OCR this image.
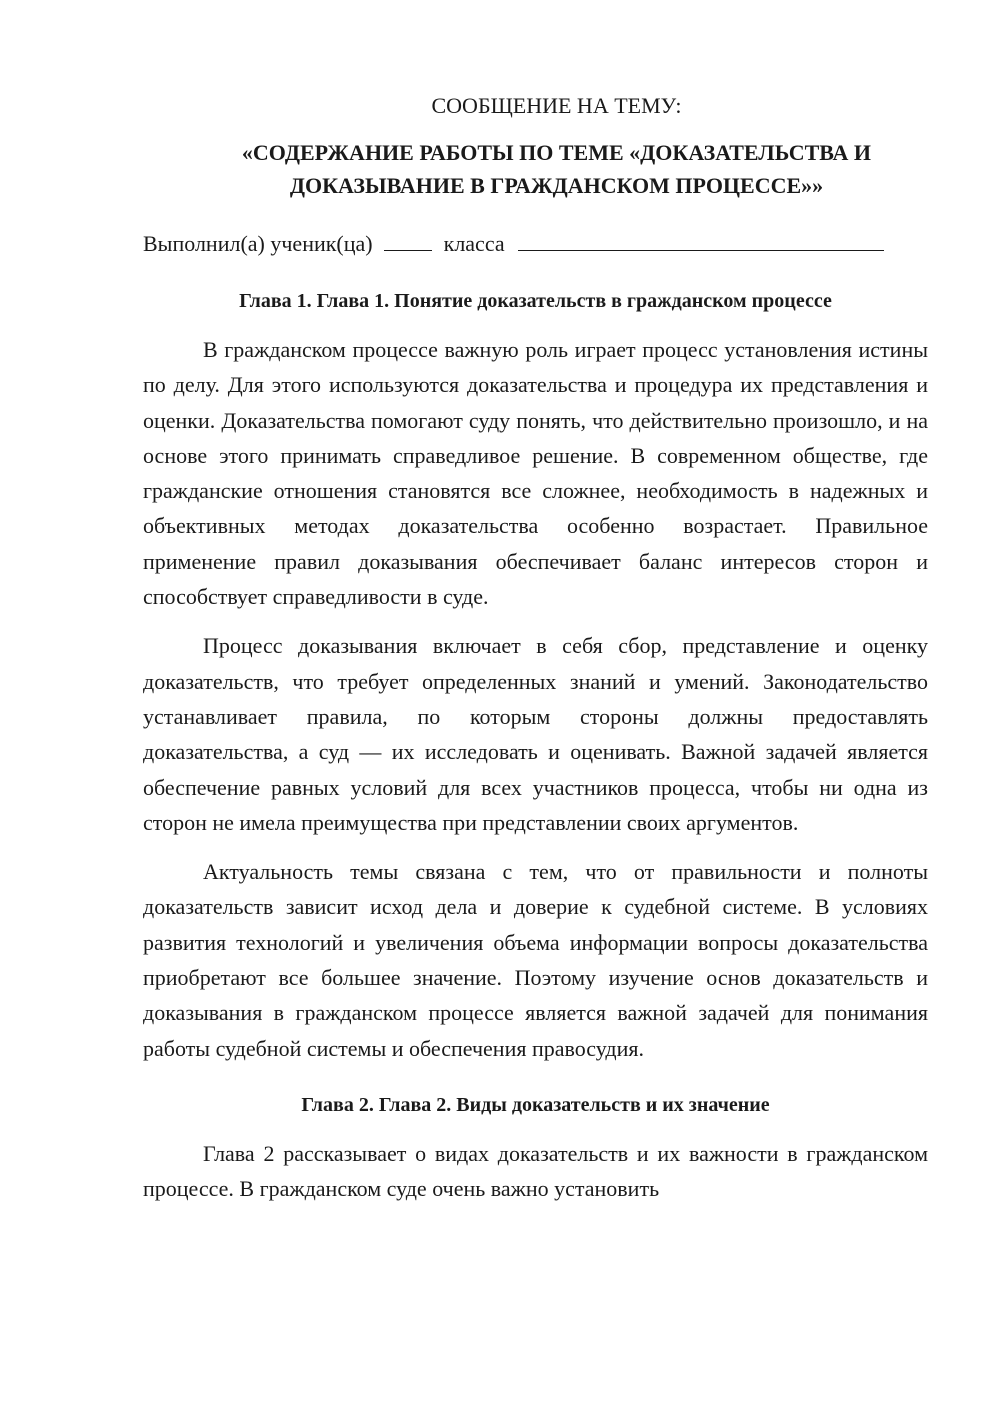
СООБЩЕНИЕ НА ТЕМУ:

«СОДЕРЖАНИЕ РАБОТЫ ПО ТЕМЕ «ДОКАЗАТЕЛЬСТВА И
ДОКАЗЫВАНИЕ В ГРАЖДАНСКОМ ПРОЦЕССЕ»»

Выполнил(а) ученик(ца)	класса

Глава 1. Глава 1. Понятие доказательств в гражданском процессе

В гражданском процессе важную роль играет процесс установления истины по делу. Для этого используются доказательства и процедура их представления и оценки. Доказательства помогают суду понять, что действительно произошло, и на основе этого принимать справедливое решение. В современном обществе, где гражданские отношения становятся все сложнее, необходимость в надежных и объективных методах доказательства особенно возрастает. Правильное применение правил доказывания обеспечивает баланс интересов сторон и способствует справедливости в суде.

Процесс доказывания включает в себя сбор, представление и оценку доказательств, что требует определенных знаний и умений. Законодательство устанавливает правила, по которым стороны должны предоставлять доказательства, а суд — их исследовать и оценивать. Важной задачей является обеспечение равных условий для всех участников процесса, чтобы ни одна из сторон не имела преимущества при представлении своих аргументов.

Актуальность темы связана с тем, что от правильности и полноты доказательств зависит исход дела и доверие к судебной системе. В условиях развития технологий и увеличения объема информации вопросы доказательства приобретают все большее значение. Поэтому изучение основ доказательств и доказывания в гражданском процессе является важной задачей для понимания работы судебной системы и обеспечения правосудия.

Глава 2. Глава 2. Виды доказательств и их значение

Глава 2 рассказывает о видах доказательств и их важности в гражданском процессе. В гражданском суде очень важно установить
